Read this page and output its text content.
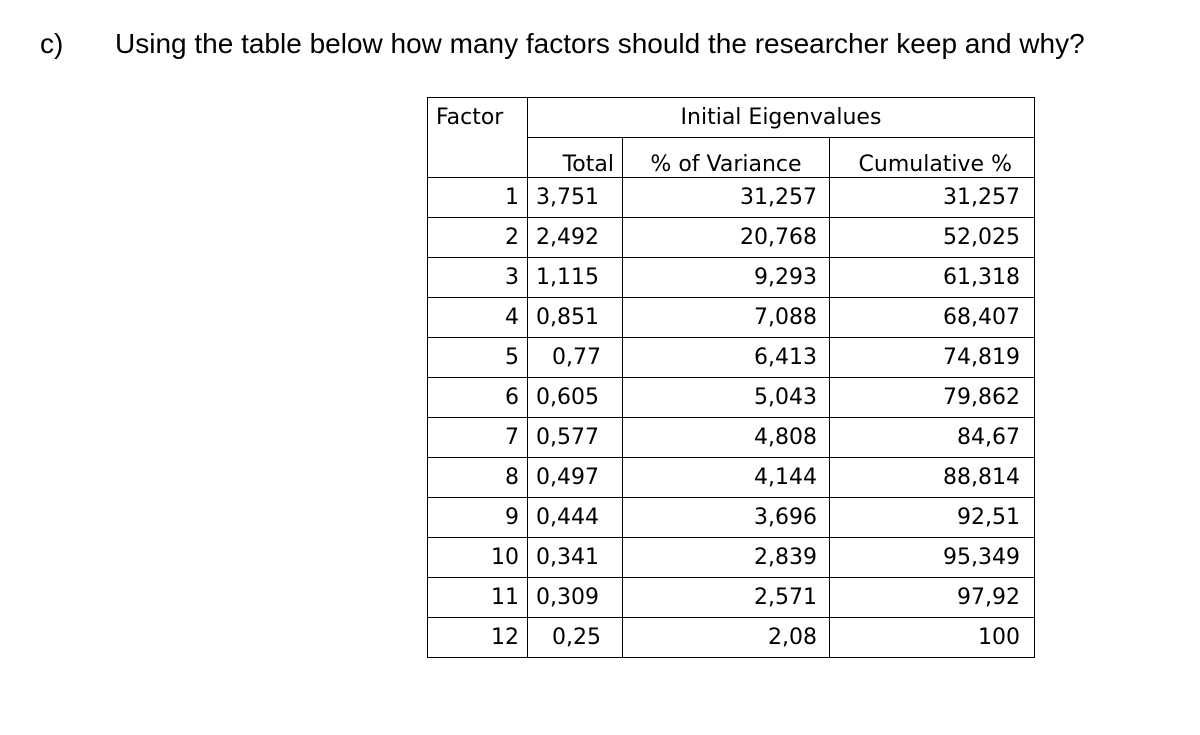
c) Using the table below how many factors should the researcher keep and why?
Factor	Initial Eigenvalues		
	Total	% of Variance	Cumulative %
1	3,751	31,257	31,257
2	2,492	20,768	52,025
3	1,115	9,293	61,318
4	0,851	7,088	68,407
5	0,77	6,413	74,819
6	0,605	5,043	79,862
7	0,577	4,808	84,67
8	0,497	4,144	88,814
9	0,444	3,696	92,51
10	0,341	2,839	95,349
11	0,309	2,571	97,92
12	0,25	2,08	100
